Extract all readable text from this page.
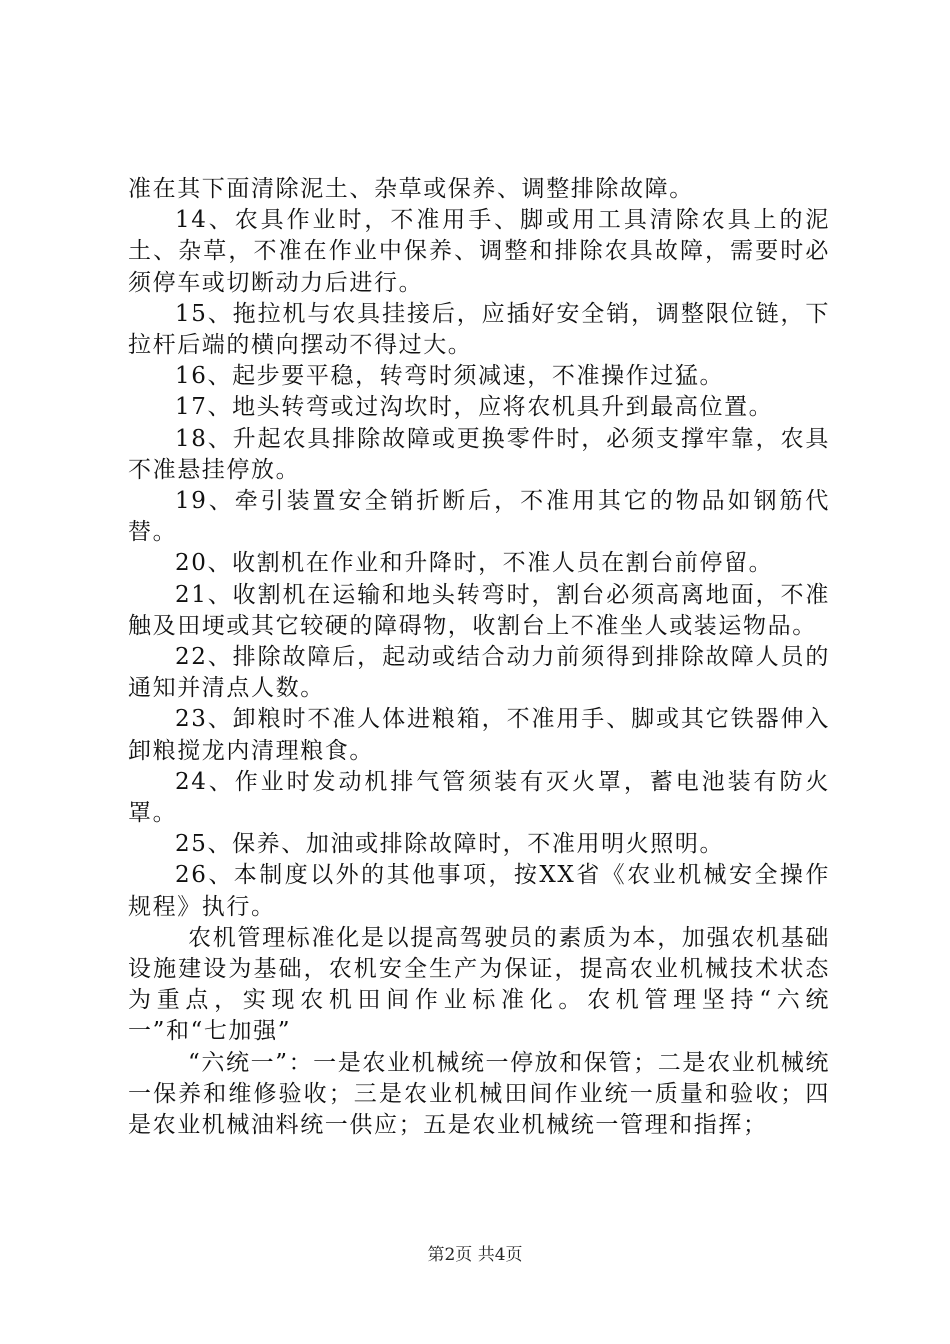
准在其下面清除泥土、杂草或保养、调整排除故障。

14、农具作业时，不准用手、脚或用工具清除农具上的泥土、杂草，不准在作业中保养、调整和排除农具故障，需要时必须停车或切断动力后进行。

15、拖拉机与农具挂接后，应插好安全销，调整限位链，下拉杆后端的横向摆动不得过大。

16、起步要平稳，转弯时须减速，不准操作过猛。

17、地头转弯或过沟坎时，应将农机具升到最高位置。

18、升起农具排除故障或更换零件时，必须支撑牢靠，农具不准悬挂停放。

19、牵引装置安全销折断后，不准用其它的物品如钢筋代替。

20、收割机在作业和升降时，不准人员在割台前停留。

21、收割机在运输和地头转弯时，割台必须高离地面，不准触及田埂或其它较硬的障碍物，收割台上不准坐人或装运物品。

22、排除故障后，起动或结合动力前须得到排除故障人员的通知并清点人数。

23、卸粮时不准人体进粮箱，不准用手、脚或其它铁器伸入卸粮搅龙内清理粮食。

24、作业时发动机排气管须装有灭火罩，蓄电池装有防火罩。

25、保养、加油或排除故障时，不准用明火照明。

26、本制度以外的其他事项，按XX省《农业机械安全操作规程》执行。

农机管理标准化是以提高驾驶员的素质为本，加强农机基础设施建设为基础，农机安全生产为保证，提高农业机械技术状态为重点，实现农机田间作业标准化。农机管理坚持“六统一”和“七加强”

“六统一”：一是农业机械统一停放和保管；二是农业机械统一保养和维修验收；三是农业机械田间作业统一质量和验收；四是农业机械油料统一供应；五是农业机械统一管理和指挥；

第2页 共4页
